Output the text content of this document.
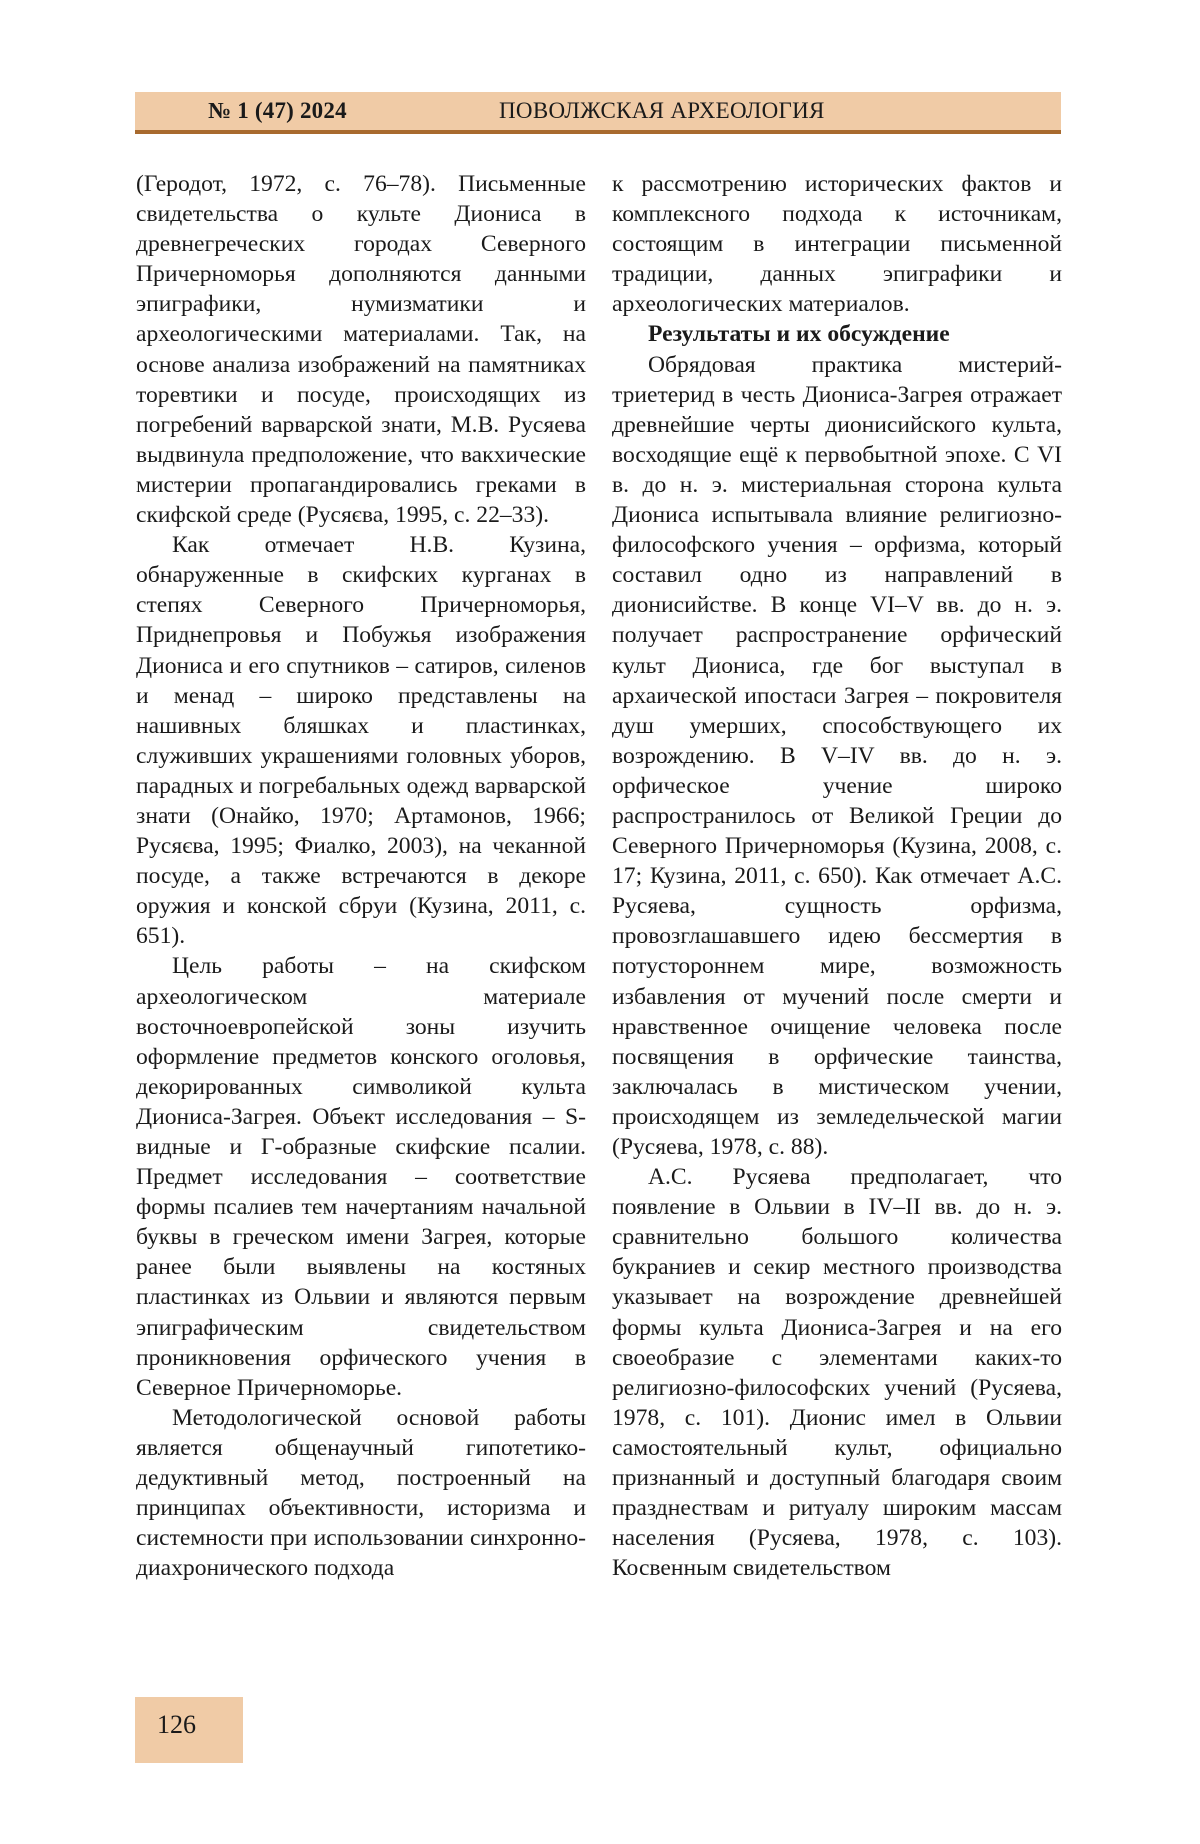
№ 1 (47) 2024	ПОВОЛЖСКАЯ АРХЕОЛОГИЯ

(Геродот, 1972, с. 76–78). Письменные свидетельства о культе Диониса в древнегреческих городах Северного Причерноморья дополняются данными эпиграфики, нумизматики и археологическими материалами. Так, на основе анализа изображений на памятниках торевтики и посуде, происходящих из погребений варварской знати, М.В. Русяева выдвинула предположение, что вакхические мистерии пропагандировались греками в скифской среде (Русяєва, 1995, с. 22–33).

Как отмечает Н.В. Кузина, обнаруженные в скифских курганах в степях Северного Причерноморья, Приднепровья и Побужья изображения Диониса и его спутников – сатиров, силенов и менад – широко представлены на нашивных бляшках и пластинках, служивших украшениями головных уборов, парадных и погребальных одежд варварской знати (Онайко, 1970; Артамонов, 1966; Русяєва, 1995; Фиалко, 2003), на чеканной посуде, а также встречаются в декоре оружия и конской сбруи (Кузина, 2011, с. 651).

Цель работы – на скифском археологическом материале восточноевропейской зоны изучить оформление предметов конского оголовья, декорированных символикой культа Диониса-Загрея. Объект исследования – S-видные и Г-образные скифские псалии. Предмет исследования – соответствие формы псалиев тем начертаниям начальной буквы в греческом имени Загрея, которые ранее были выявлены на костяных пластинках из Ольвии и являются первым эпиграфическим свидетельством проникновения орфического учения в Северное Причерноморье.

Методологической основой работы является общенаучный гипотетико-дедуктивный метод, построенный на принципах объективности, историзма и системности при использовании синхронно-диахронического подхода

к рассмотрению исторических фактов и комплексного подхода к источникам, состоящим в интеграции письменной традиции, данных эпиграфики и археологических материалов.

Результаты и их обсуждение

Обрядовая практика мистерий-триетерид в честь Диониса-Загрея отражает древнейшие черты дионисийского культа, восходящие ещё к первобытной эпохе. С VI в. до н. э. мистериальная сторона культа Диониса испытывала влияние религиозно-философского учения – орфизма, который составил одно из направлений в дионисийстве. В конце VI–V вв. до н. э. получает распространение орфический культ Диониса, где бог выступал в архаической ипостаси Загрея – покровителя душ умерших, способствующего их возрождению. В V–IV вв. до н. э. орфическое учение широко распространилось от Великой Греции до Северного Причерноморья (Кузина, 2008, с. 17; Кузина, 2011, с. 650). Как отмечает А.С. Русяева, сущность орфизма, провозглашавшего идею бессмертия в потустороннем мире, возможность избавления от мучений после смерти и нравственное очищение человека после посвящения в орфические таинства, заключалась в мистическом учении, происходящем из земледельческой магии (Русяева, 1978, с. 88).

А.С. Русяева предполагает, что появление в Ольвии в IV–II вв. до н. э. сравнительно большого количества букраниев и секир местного производства указывает на возрождение древнейшей формы культа Диониса-Загрея и на его своеобразие с элементами каких-то религиозно-философских учений (Русяева, 1978, с. 101). Дионис имел в Ольвии самостоятельный культ, официально признанный и доступный благодаря своим празднествам и ритуалу широким массам населения (Русяева, 1978, с. 103). Косвенным свидетельством

126
